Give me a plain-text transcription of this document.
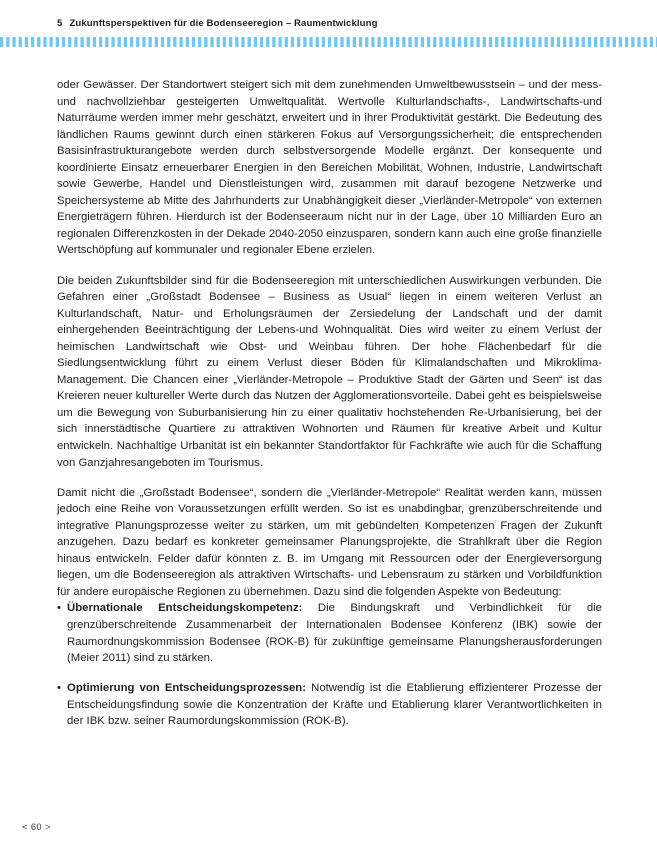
5 Zukunftsperspektiven für die Bodenseeregion – Raumentwicklung

oder Gewässer. Der Standortwert steigert sich mit dem zunehmenden Umweltbewusstsein – und der mess- und nachvollziehbar gesteigerten Umweltqualität. Wertvolle Kulturlandschafts-, Landwirtschafts-und Naturräume werden immer mehr geschätzt, erweitert und in ihrer Produktivität gestärkt. Die Bedeutung des ländlichen Raums gewinnt durch einen stärkeren Fokus auf Versorgungssicherheit; die entsprechenden Basisinfrastrukturangebote werden durch selbstversorgende Modelle ergänzt. Der konsequente und koordinierte Einsatz erneuerbarer Energien in den Bereichen Mobilität, Wohnen, Industrie, Landwirtschaft sowie Gewerbe, Handel und Dienstleistungen wird, zusammen mit darauf bezogene Netzwerke und Speichersysteme ab Mitte des Jahrhunderts zur Unabhängigkeit dieser „Vierländer-Metropole“ von externen Energieträgern führen. Hierdurch ist der Bodenseeraum nicht nur in der Lage, über 10 Milliarden Euro an regionalen Differenzkosten in der Dekade 2040-2050 einzusparen, sondern kann auch eine große finanzielle Wertschöpfung auf kommunaler und regionaler Ebene erzielen.

Die beiden Zukunftsbilder sind für die Bodenseeregion mit unterschiedlichen Auswirkungen verbunden. Die Gefahren einer „Großstadt Bodensee – Business as Usual“ liegen in einem weiteren Verlust an Kulturlandschaft, Natur- und Erholungsräumen der Zersiedelung der Landschaft und der damit einhergehenden Beeinträchtigung der Lebens-und Wohnqualität. Dies wird weiter zu einem Verlust der heimischen Landwirtschaft wie Obst- und Weinbau führen. Der hohe Flächenbedarf für die Siedlungsentwicklung führt zu einem Verlust dieser Böden für Klimalandschaften und Mikroklima-Management. Die Chancen einer „Vierländer-Metropole – Produktive Stadt der Gärten und Seen“ ist das Kreieren neuer kultureller Werte durch das Nutzen der Agglomerationsvorteile. Dabei geht es beispielsweise um die Bewegung von Suburbanisierung hin zu einer qualitativ hochstehenden Re-Urbanisierung, bei der sich innerstädtische Quartiere zu attraktiven Wohnorten und Räumen für kreative Arbeit und Kultur entwickeln. Nachhaltige Urbanität ist ein bekannter Standortfaktor für Fachkräfte wie auch für die Schaffung von Ganzjahresangeboten im Tourismus.

Damit nicht die „Großstadt Bodensee“, sondern die „Vierländer-Metropole“ Realität werden kann, müssen jedoch eine Reihe von Voraussetzungen erfüllt werden. So ist es unabdingbar, grenzüberschreitende und integrative Planungsprozesse weiter zu stärken, um mit gebündelten Kompetenzen Fragen der Zukunft anzugehen. Dazu bedarf es konkreter gemeinsamer Planungsprojekte, die Strahlkraft über die Region hinaus entwickeln. Felder dafür könnten z. B. im Umgang mit Ressourcen oder der Energieversorgung liegen, um die Bodenseeregion als attraktiven Wirtschafts- und Lebensraum zu stärken und Vorbildfunktion für andere europäische Regionen zu übernehmen. Dazu sind die folgenden Aspekte von Bedeutung:

• Übernationale Entscheidungskompetenz: Die Bindungskraft und Verbindlichkeit für die grenzüberschreitende Zusammenarbeit der Internationalen Bodensee Konferenz (IBK) sowie der Raumordnungskommission Bodensee (ROK-B) für zukünftige gemeinsame Planungsherausforderungen (Meier 2011) sind zu stärken.
• Optimierung von Entscheidungsprozessen: Notwendig ist die Etablierung effizienterer Prozesse der Entscheidungsfindung sowie die Konzentration der Kräfte und Etablierung klarer Verantwortlichkeiten in der IBK bzw. seiner Raumordungskommission (ROK-B).
< 60 >
